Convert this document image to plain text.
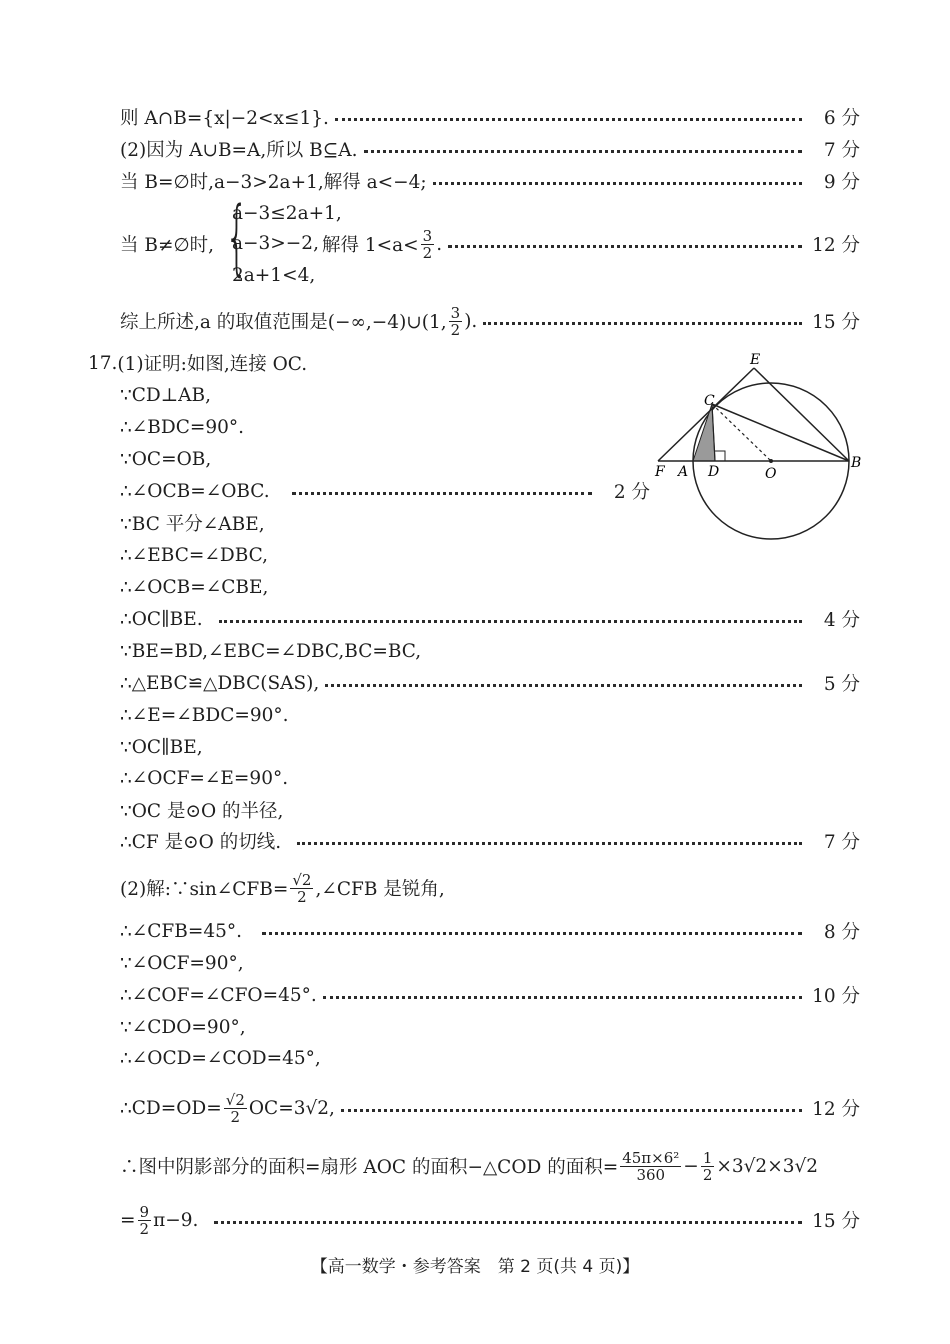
则 A∩B={x|−2<x≤1}.	6 分
(2)因为 A∪B=A,所以 B⊆A.	7 分
当 B=∅时,a−3>2a+1,解得 a<−4;	9 分
{
a−3≤2a+1,
a−3>−2,
2a+1<4,
当 B≠∅时,	解得 $1<a< \frac{3}{2}$ .	12 分
综上所述,a 的取值范围是(−∞,−4)∪(1, $\frac{3}{2}$ ).	15 分
17. (1)证明:如图,连接 OC.
∵CD⊥AB,
∴∠BDC=90°.
∵OC=OB,
∴∠OCB=∠OBC.	2 分
∵BC 平分∠ABE,
∴∠EBC=∠DBC,
∴∠OCB=∠CBE,
∴OC∥BE.	4 分
∵BE=BD,∠EBC=∠DBC,BC=BC,
∴△EBC≌△DBC(SAS),	5 分
∴∠E=∠BDC=90°.
∵OC∥BE,
∴∠OCF=∠E=90°.
∵OC 是⊙O 的半径,
∴CF 是⊙O 的切线.	7 分
(2)解:∵sin∠CFB= $\frac{√2}{2}$ ,∠CFB 是锐角,
∴∠CFB=45°.	8 分
∵∠OCF=90°,
∴∠COF=∠CFO=45°.	10 分
∵∠CDO=90°,
∴∠OCD=∠COD=45°,
∴CD=OD= $\frac{√2}{2} OC=3√2$,	12 分
∴图中阴影部分的面积=扇形 AOC 的面积−△COD 的面积= $\frac{\text{45π×6²}}{360} - \frac{1}{2} \times 3√2\times 3√2$
= $\frac{9}{2} \pi-9$.	15 分
E
C
F A D	O
B
【高一数学・参考答案　第 2 页(共 4 页)】
